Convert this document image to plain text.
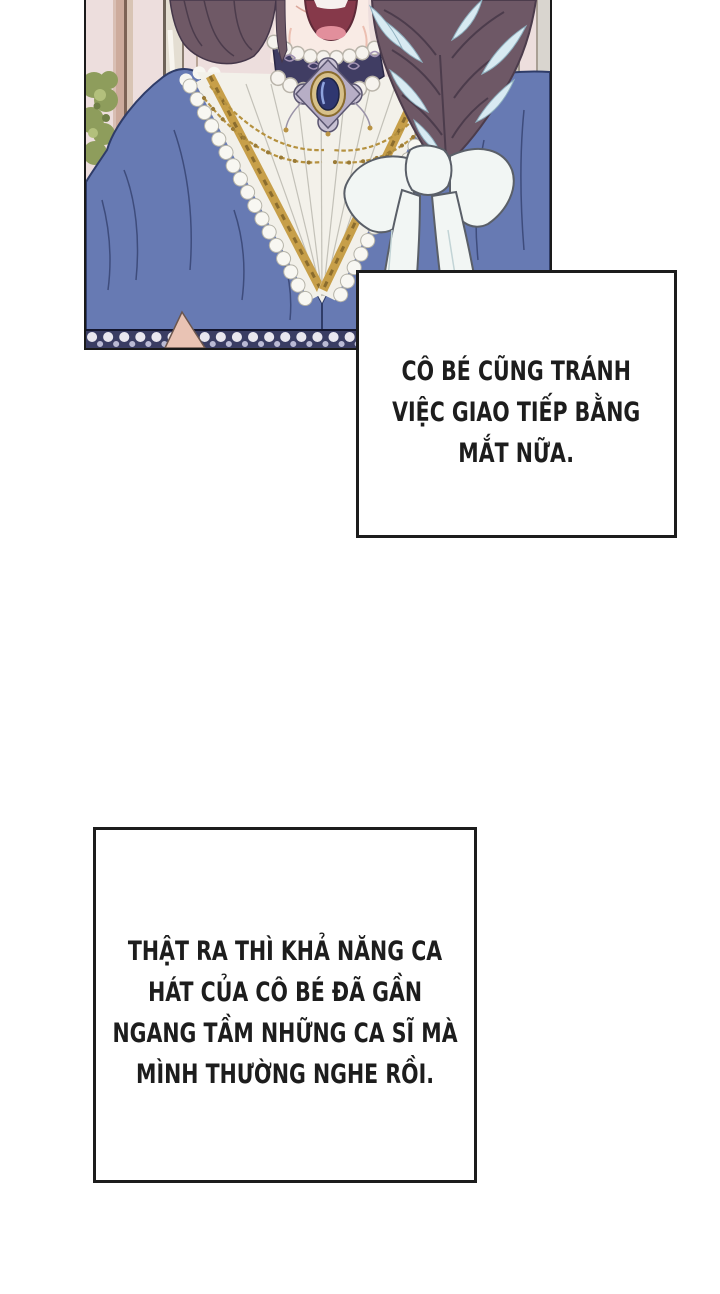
CÔ BÉ CŨNG TRÁNH
VIỆC GIAO TIẾP BẰNG
MẮT NỮA.
THẬT RA THÌ KHẢ NĂNG CA
HÁT CỦA CÔ BÉ ĐÃ GẦN
NGANG TẦM NHỮNG CA SĨ MÀ
MÌNH THƯỜNG NGHE RỒI.
